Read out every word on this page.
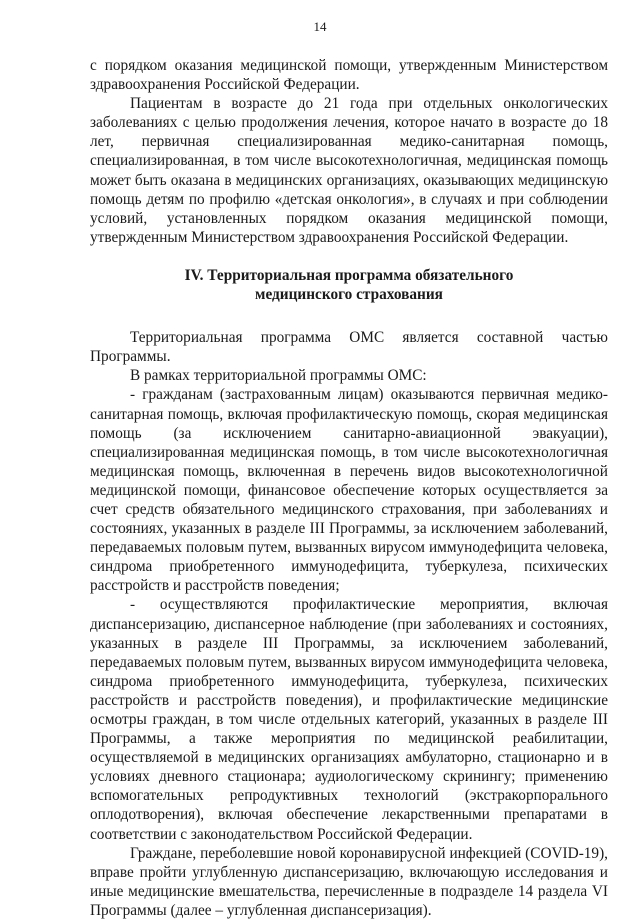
14

с порядком оказания медицинской помощи, утвержденным Министерством здравоохранения Российской Федерации.

Пациентам в возрасте до 21 года при отдельных онкологических заболеваниях с целью продолжения лечения, которое начато в возрасте до 18 лет, первичная специализированная медико-санитарная помощь, специализированная, в том числе высокотехнологичная, медицинская помощь может быть оказана в медицинских организациях, оказывающих медицинскую помощь детям по профилю «детская онкология», в случаях и при соблюдении условий, установленных порядком оказания медицинской помощи, утвержденным Министерством здравоохранения Российской Федерации.

IV. Территориальная программа обязательного
медицинского страхования

Территориальная программа ОМС является составной частью Программы.

В рамках территориальной программы ОМС:

- гражданам (застрахованным лицам) оказываются первичная медико-санитарная помощь, включая профилактическую помощь, скорая медицинская помощь (за исключением санитарно-авиационной эвакуации), специализированная медицинская помощь, в том числе высокотехнологичная медицинская помощь, включенная в перечень видов высокотехнологичной медицинской помощи, финансовое обеспечение которых осуществляется за счет средств обязательного медицинского страхования, при заболеваниях и состояниях, указанных в разделе III Программы, за исключением заболеваний, передаваемых половым путем, вызванных вирусом иммунодефицита человека, синдрома приобретенного иммунодефицита, туберкулеза, психических расстройств и расстройств поведения;

- осуществляются профилактические мероприятия, включая диспансеризацию, диспансерное наблюдение (при заболеваниях и состояниях, указанных в разделе III Программы, за исключением заболеваний, передаваемых половым путем, вызванных вирусом иммунодефицита человека, синдрома приобретенного иммунодефицита, туберкулеза, психических расстройств и расстройств поведения), и профилактические медицинские осмотры граждан, в том числе отдельных категорий, указанных в разделе III Программы, а также мероприятия по медицинской реабилитации, осуществляемой в медицинских организациях амбулаторно, стационарно и в условиях дневного стационара; аудиологическому скринингу; применению вспомогательных репродуктивных технологий (экстракорпорального оплодотворения), включая обеспечение лекарственными препаратами в соответствии с законодательством Российской Федерации.

Граждане, переболевшие новой коронавирусной инфекцией (COVID-19), вправе пройти углубленную диспансеризацию, включающую исследования и иные медицинские вмешательства, перечисленные в подразделе 14 раздела VI Программы (далее – углубленная диспансеризация).
